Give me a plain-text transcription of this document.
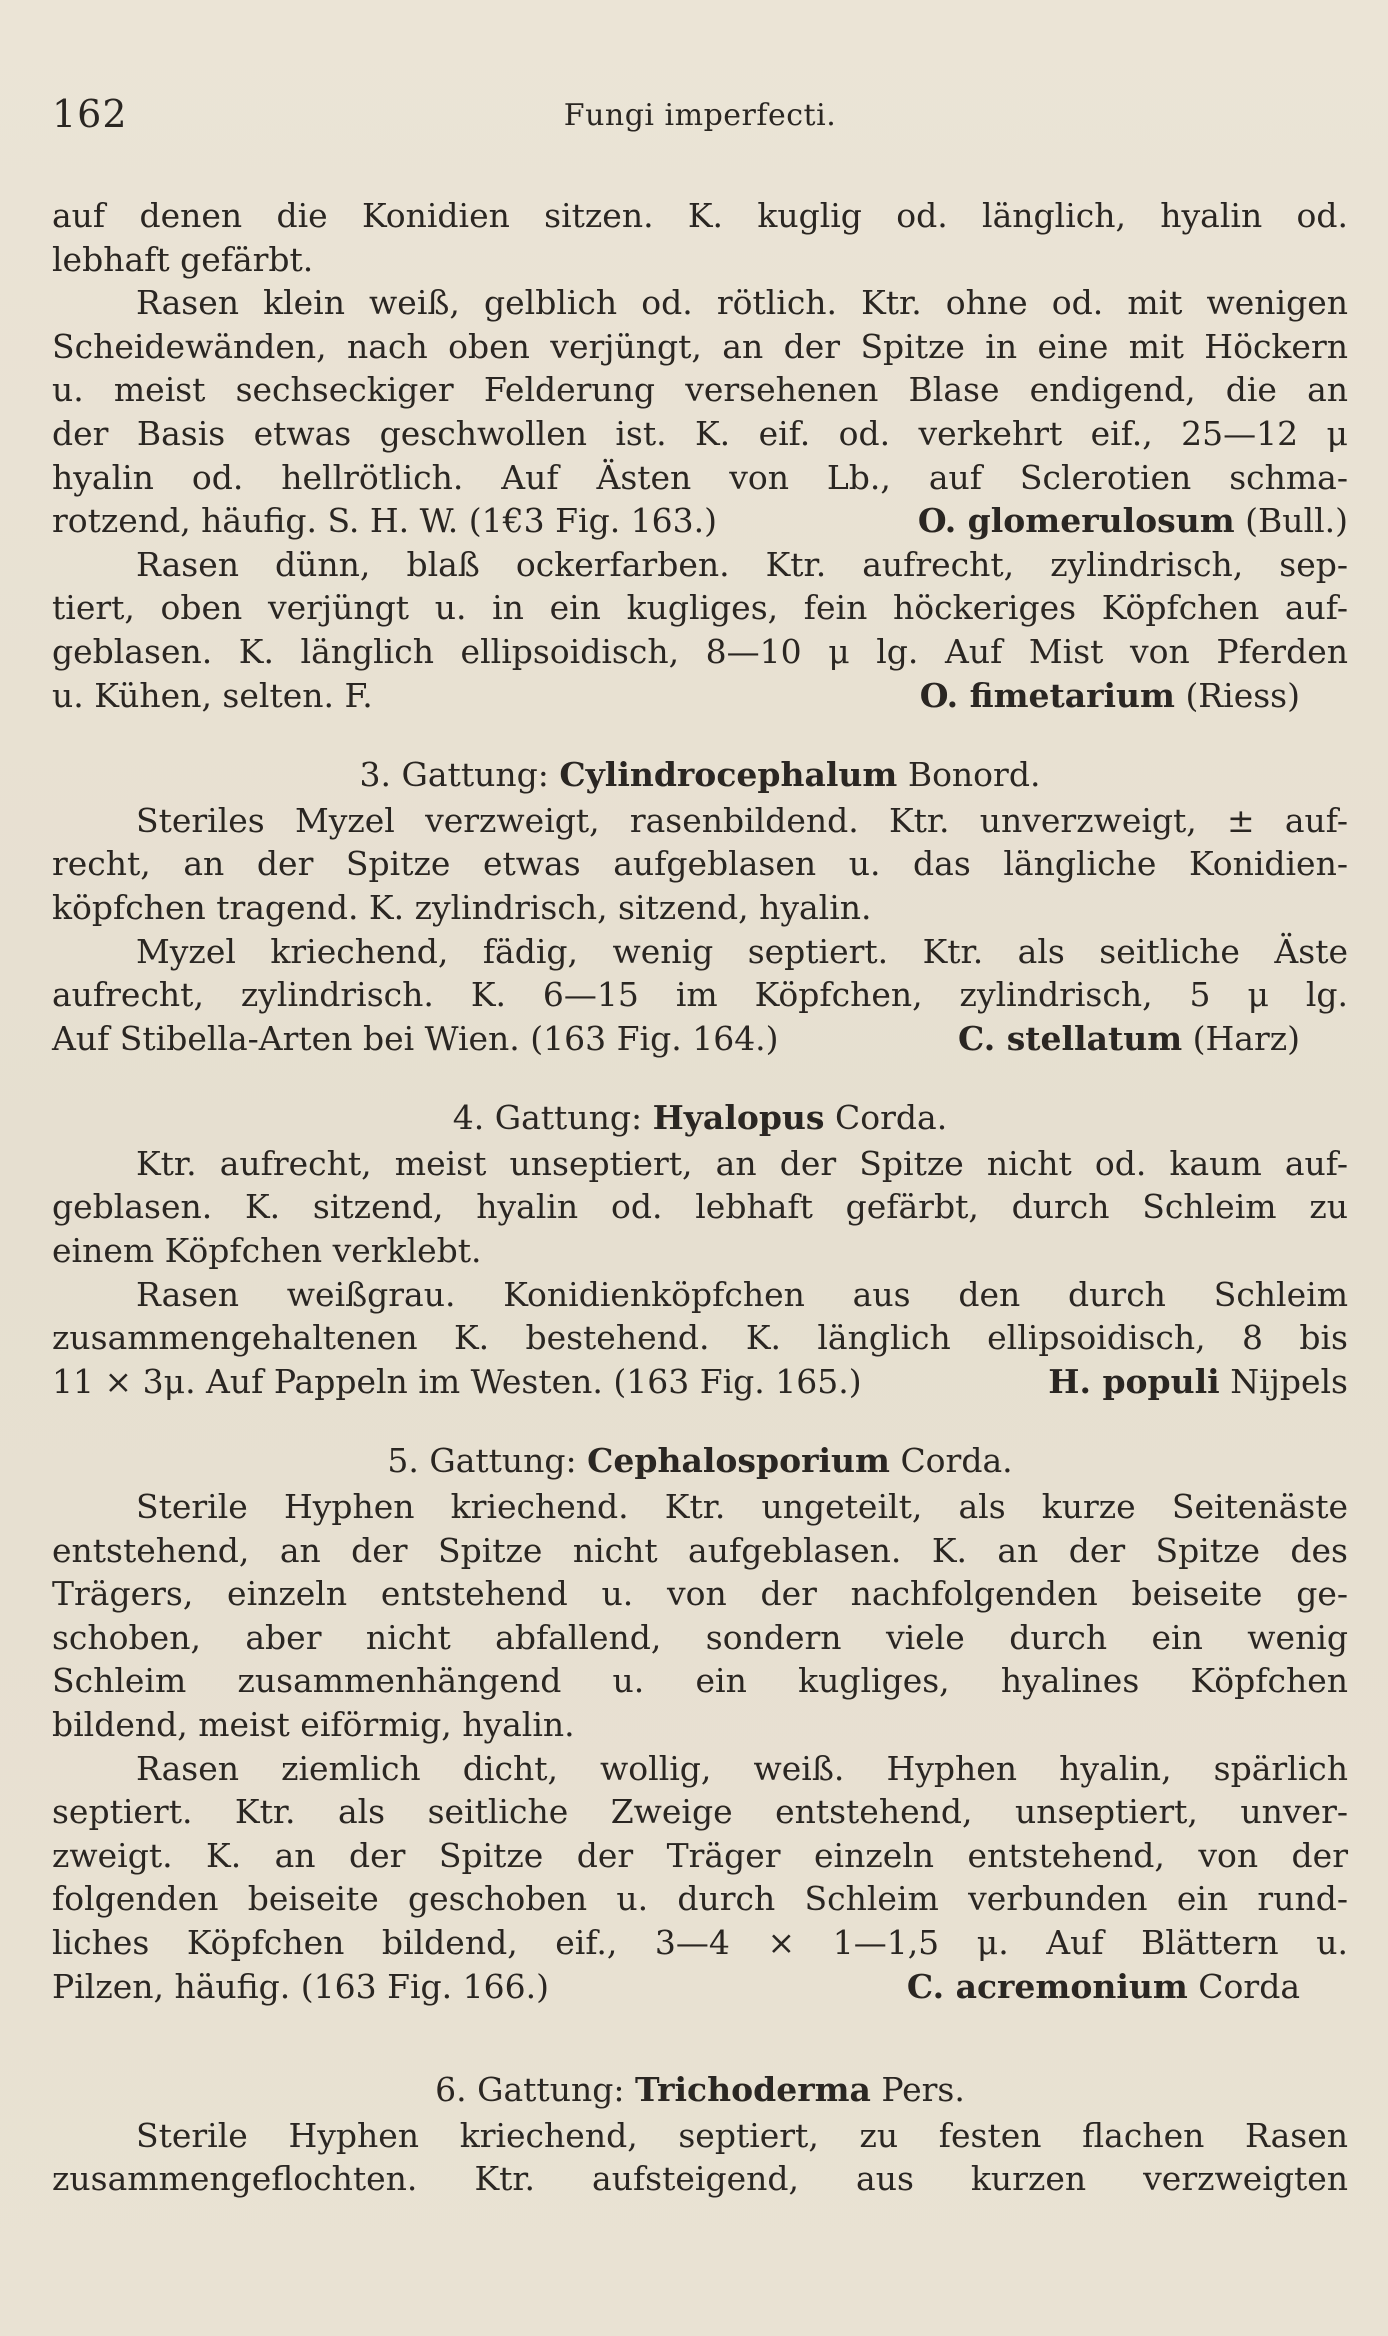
162	Fungi imperfecti.

auf denen die Konidien sitzen. K. kuglig od. länglich, hyalin od.
lebhaft gefärbt.

Rasen klein weiß, gelblich od. rötlich. Ktr. ohne od. mit wenigen
Scheidewänden, nach oben verjüngt, an der Spitze in eine mit Höckern
u. meist sechseckiger Felderung versehenen Blase endigend, die an
der Basis etwas geschwollen ist. K. eif. od. verkehrt eif., 25—12 μ
hyalin od. hellrötlich. Auf Ästen von Lb., auf Sclerotien schma-
rotzend, häufig. S. H. W. (1€3 Fig. 163.)	O. glomerulosum (Bull.)

Rasen dünn, blaß ockerfarben. Ktr. aufrecht, zylindrisch, sep-
tiert, oben verjüngt u. in ein kugliges, fein höckeriges Köpfchen auf-
geblasen. K. länglich ellipsoidisch, 8—10 μ lg. Auf Mist von Pferden
u. Kühen, selten. F.	O. fimetarium (Riess)

3. Gattung: Cylindrocephalum Bonord.

Steriles Myzel verzweigt, rasenbildend. Ktr. unverzweigt, ± auf-
recht, an der Spitze etwas aufgeblasen u. das längliche Konidien-
köpfchen tragend. K. zylindrisch, sitzend, hyalin.

Myzel kriechend, fädig, wenig septiert. Ktr. als seitliche Äste
aufrecht, zylindrisch. K. 6—15 im Köpfchen, zylindrisch, 5 μ lg.
Auf Stibella-Arten bei Wien. (163 Fig. 164.)	C. stellatum (Harz)

4. Gattung: Hyalopus Corda.

Ktr. aufrecht, meist unseptiert, an der Spitze nicht od. kaum auf-
geblasen. K. sitzend, hyalin od. lebhaft gefärbt, durch Schleim zu
einem Köpfchen verklebt.

Rasen weißgrau. Konidienköpfchen aus den durch Schleim
zusammengehaltenen K. bestehend. K. länglich ellipsoidisch, 8 bis
11 × 3μ. Auf Pappeln im Westen. (163 Fig. 165.)	H. populi Nijpels

5. Gattung: Cephalosporium Corda.

Sterile Hyphen kriechend. Ktr. ungeteilt, als kurze Seitenäste
entstehend, an der Spitze nicht aufgeblasen. K. an der Spitze des
Trägers, einzeln entstehend u. von der nachfolgenden beiseite ge-
schoben, aber nicht abfallend, sondern viele durch ein wenig
Schleim zusammenhängend u. ein kugliges, hyalines Köpfchen
bildend, meist eiförmig, hyalin.

Rasen ziemlich dicht, wollig, weiß. Hyphen hyalin, spärlich
septiert. Ktr. als seitliche Zweige entstehend, unseptiert, unver-
zweigt. K. an der Spitze der Träger einzeln entstehend, von der
folgenden beiseite geschoben u. durch Schleim verbunden ein rund-
liches Köpfchen bildend, eif., 3—4 × 1—1,5 μ. Auf Blättern u.
Pilzen, häufig. (163 Fig. 166.)	C. acremonium Corda

6. Gattung: Trichoderma Pers.

Sterile Hyphen kriechend, septiert, zu festen flachen Rasen
zusammengeflochten. Ktr. aufsteigend, aus kurzen verzweigten
